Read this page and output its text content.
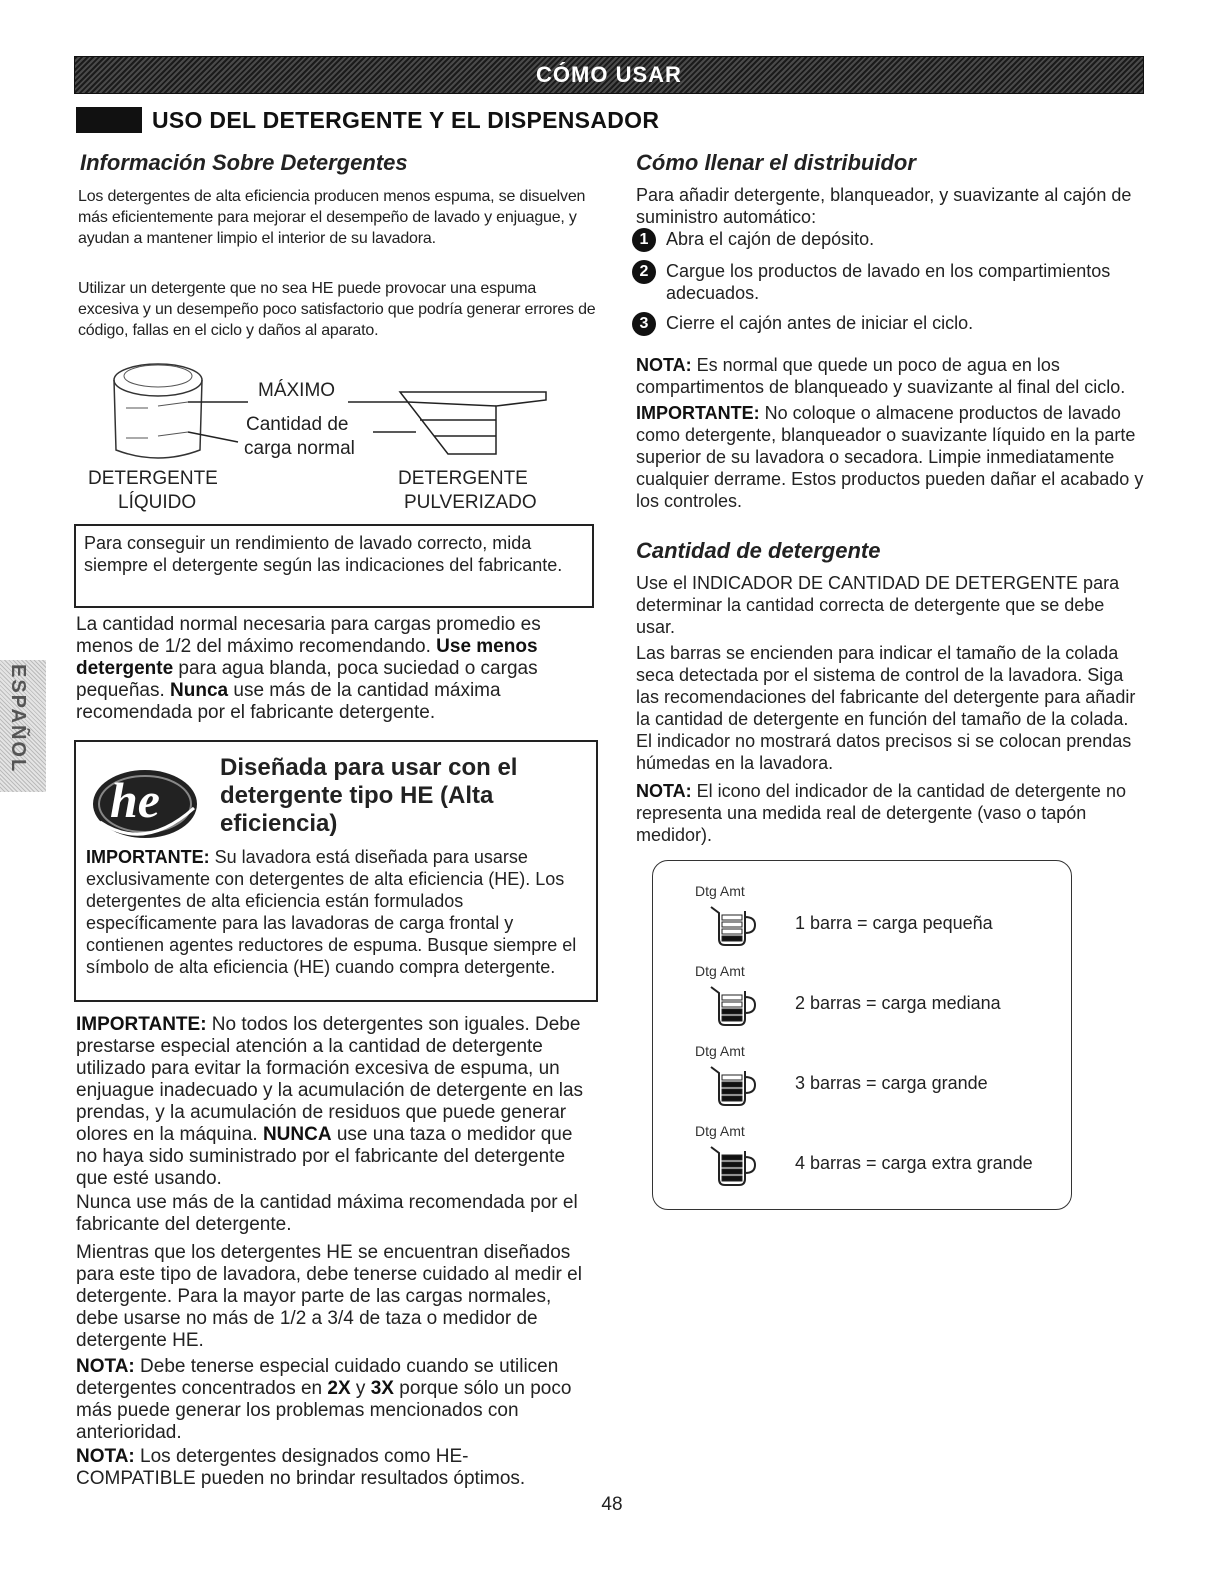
CÓMO USAR
USO DEL DETERGENTE Y EL DISPENSADOR
ESPAÑOL
Información Sobre Detergentes

Los detergentes de alta eficiencia producen menos espuma, se disuelven más eficientemente para mejorar el desempeño de lavado y enjuague, y ayudan a mantener limpio el interior de su lavadora.

Utilizar un detergente que no sea HE puede provocar una espuma excesiva y un desempeño poco satisfactorio que podría generar errores de código, fallas en el ciclo y daños al aparato.

MÁXIMO
Cantidad de
carga normal
DETERGENTE
LÍQUIDO
DETERGENTE
PULVERIZADO

Para conseguir un rendimiento de lavado correcto, mida siempre el detergente según las indicaciones del fabricante.

La cantidad normal necesaria para cargas promedio es menos de 1/2 del máximo recomendando. Use menos detergente para agua blanda, poca suciedad o cargas pequeñas. Nunca use más de la cantidad máxima recomendada por el fabricante detergente.

he

Diseñada para usar con el detergente tipo HE (Alta eficiencia)

IMPORTANTE: Su lavadora está diseñada para usarse exclusivamente con detergentes de alta eficiencia (HE). Los detergentes de alta eficiencia están formulados específicamente para las lavadoras de carga frontal y contienen agentes reductores de espuma. Busque siempre el símbolo de alta eficiencia (HE) cuando compra detergente.

IMPORTANTE: No todos los detergentes son iguales. Debe prestarse especial atención a la cantidad de detergente utilizado para evitar la formación excesiva de espuma, un enjuague inadecuado y la acumulación de detergente en las prendas, y la acumulación de residuos que puede generar olores en la máquina. NUNCA use una taza o medidor que no haya sido suministrado por el fabricante del detergente que esté usando.

Nunca use más de la cantidad máxima recomendada por el fabricante del detergente.

Mientras que los detergentes HE se encuentran diseñados para este tipo de lavadora, debe tenerse cuidado al medir el detergente. Para la mayor parte de las cargas normales, debe usarse no más de 1/2 a 3/4 de taza o medidor de detergente HE.

NOTA: Debe tenerse especial cuidado cuando se utilicen detergentes concentrados en 2X y 3X porque sólo un poco más puede generar los problemas mencionados con anterioridad.

NOTA: Los detergentes designados como HE-COMPATIBLE pueden no brindar resultados óptimos.

Cómo llenar el distribuidor

Para añadir detergente, blanqueador, y suavizante al cajón de suministro automático:

1 Abra el cajón de depósito.
2 Cargue los productos de lavado en los compartimientos adecuados.
3 Cierre el cajón antes de iniciar el ciclo.

NOTA: Es normal que quede un poco de agua en los compartimentos de blanqueado y suavizante al final del ciclo.

IMPORTANTE: No coloque o almacene productos de lavado como detergente, blanqueador o suavizante líquido en la parte superior de su lavadora o secadora. Limpie inmediatamente cualquier derrame. Estos productos pueden dañar el acabado y los controles.

Cantidad de detergente

Use el INDICADOR DE CANTIDAD DE DETERGENTE para determinar la cantidad correcta de detergente que se debe usar.

Las barras se encienden para indicar el tamaño de la colada seca detectada por el sistema de control de la lavadora. Siga las recomendaciones del fabricante del detergente para añadir la cantidad de detergente en función del tamaño de la colada. El indicador no mostrará datos precisos si se colocan prendas húmedas en la lavadora.

NOTA: El icono del indicador de la cantidad de detergente no representa una medida real de detergente (vaso o tapón medidor).

Dtg Amt
1 barra = carga pequeña
Dtg Amt
2 barras = carga mediana
Dtg Amt
3 barras = carga grande
Dtg Amt
4 barras = carga extra grande
48
